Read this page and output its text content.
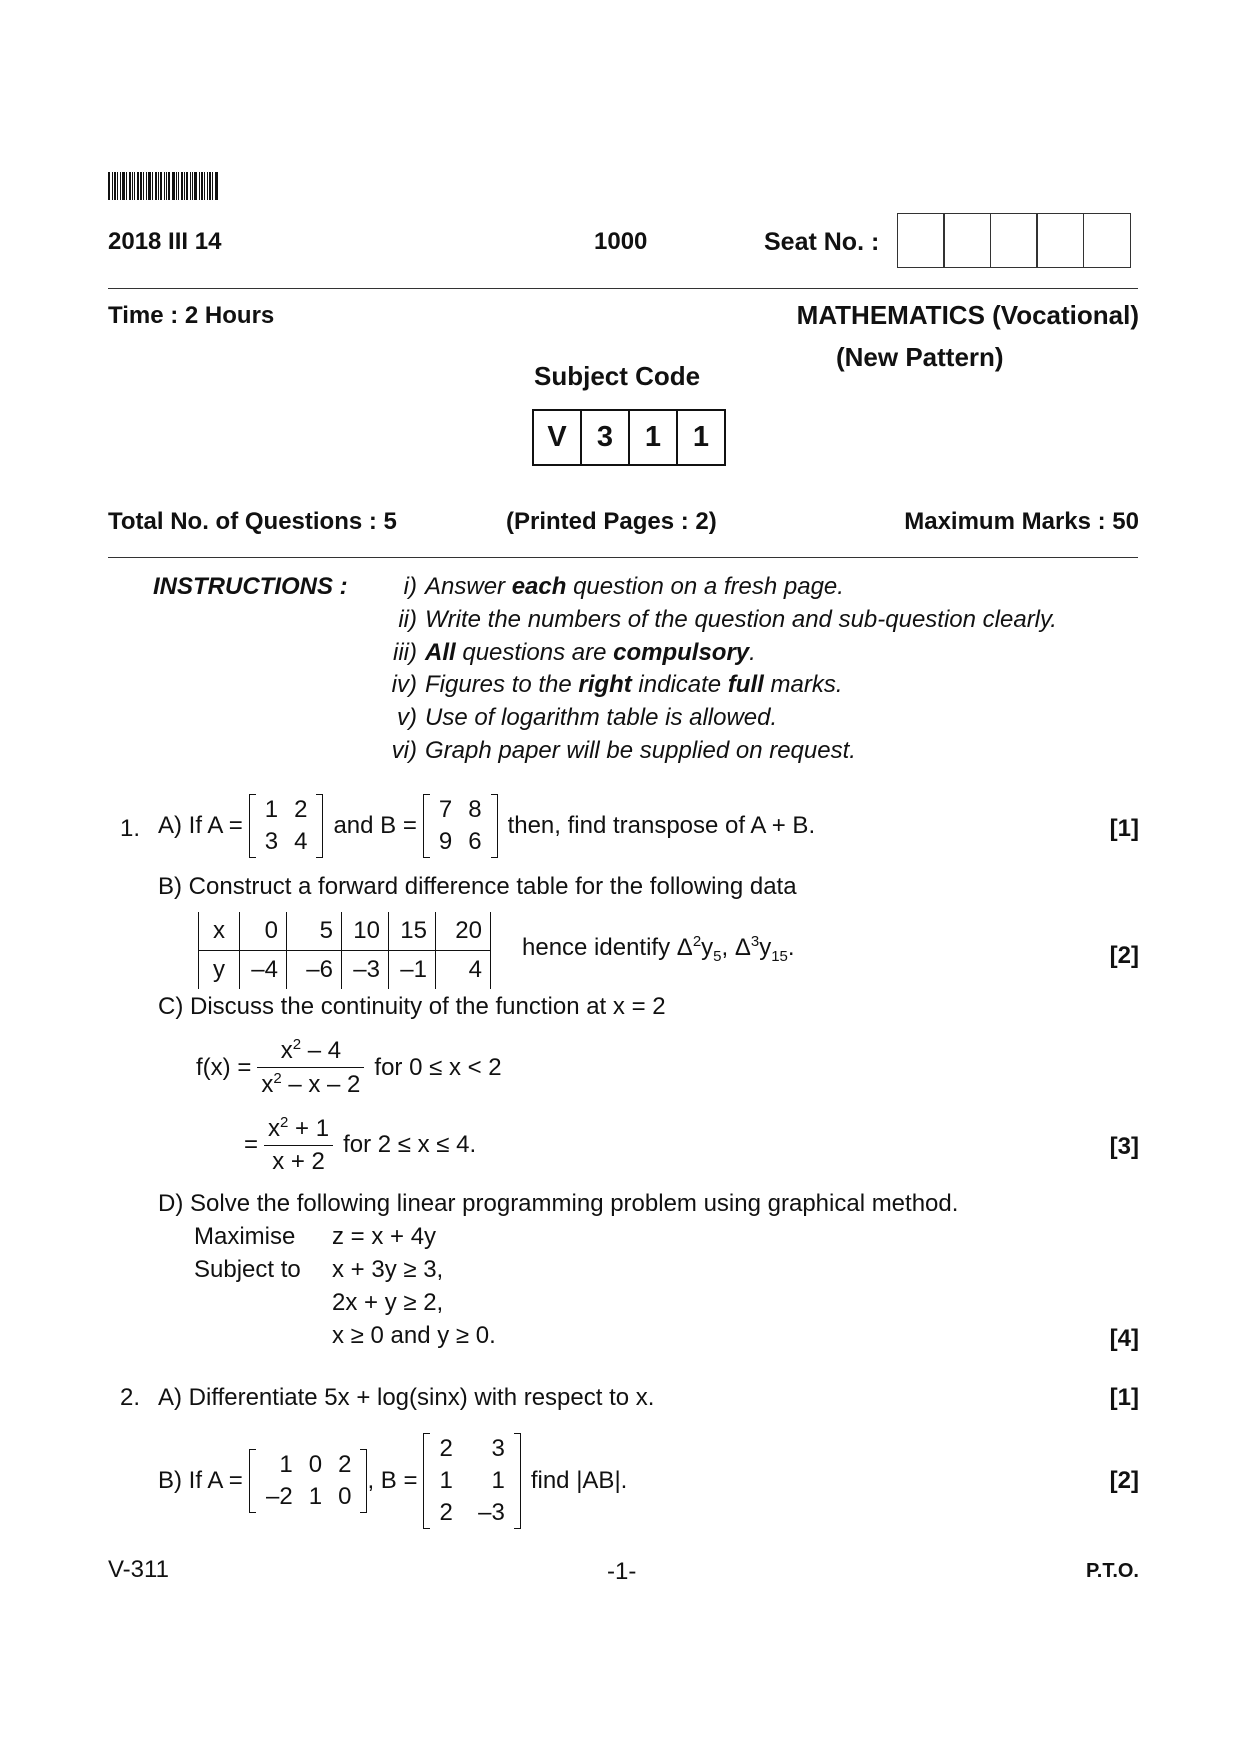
2018 III 14	1000	Seat No. :
Time : 2 Hours	MATHEMATICS (Vocational)
(New Pattern)
Subject Code
V	3	1	1
Total No. of Questions : 5	(Printed Pages : 2)	Maximum Marks : 50
INSTRUCTIONS :	i) Answer each question on a fresh page.
ii) Write the numbers of the question and sub-question clearly.
iii) All questions are compulsory.
iv) Figures to the right indicate full marks.
v) Use of logarithm table is allowed.
vi) Graph paper will be supplied on request.
1. A)
If A =
1	2
3	4
and B =
7	8
9	6
then, find transpose of A + B.	[1]
B) Construct a forward difference table for the following data
x	0	5	10	15	20
y	–4	–6	–3	–1	4
hence identify $\Delta^2y_5$, $\Delta^3y_{15}$.	[2]
C) Discuss the continuity of the function at x = 2
$f(x) = \frac{x^2 - 4}{x^2 - x - 2}$ for 0 ≤ x < 2
= $\frac{x^2 + 1}{x + 2}$ for 2 ≤ x ≤ 4.	[3]
D) Solve the following linear programming problem using graphical method.
Maximise z = x + 4y
Subject to x + 3y ≥ 3,
2x + y ≥ 2,
x ≥ 0 and y ≥ 0.	[4]
2. A) Differentiate 5x + log(sinx) with respect to x.	[1]
B)
If A =
1	0	2
–2	1	0
, B =
2	3
1	1
2	–3
find |AB|.	[2]
V-311	-1-	P.T.O.
